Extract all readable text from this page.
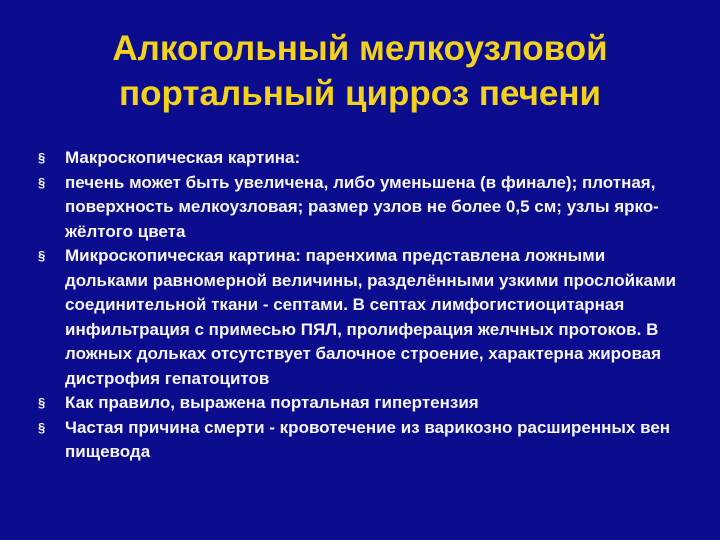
Алкогольный мелкоузловой
портальный цирроз печени
§ Макроскопическая картина:
§ печень может быть увеличена, либо уменьшена (в финале); плотная, поверхность мелкоузловая; размер узлов не более 0,5 см; узлы ярко-жёлтого цвета
§ Микроскопическая картина: паренхима представлена ложными дольками равномерной величины, разделёнными узкими прослойками соединительной ткани - септами. В септах лимфогистиоцитарная инфильтрация с примесью ПЯЛ, пролиферация желчных протоков. В ложных дольках отсутствует балочное строение, характерна жировая дистрофия гепатоцитов
§ Как правило, выражена портальная гипертензия
§ Частая причина смерти - кровотечение из варикозно расширенных вен пищевода
